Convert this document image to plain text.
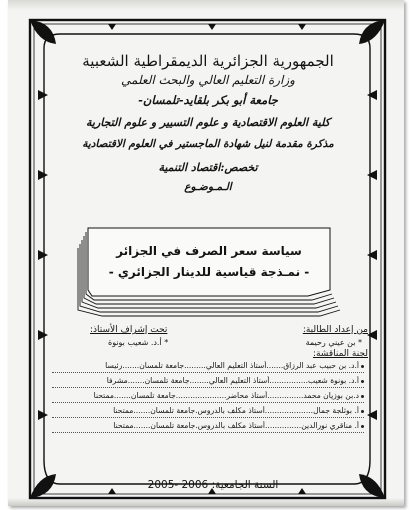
الجمهورية الجزائرية الديمقراطية الشعبية
وزارة التعليم العالي والبحث العلمي
جامعة أبو بكر بلقايد-تلمسان-
كلية العلوم الاقتصادية و علوم التسيير و علوم التجارية
مذكرة مقدمة لنيل شهادة الماجستير في العلوم الاقتصادية
تخصص:اقتصاد التنمية
الـمـوضـوع
سياسة سعر الصرف في الجزائر
- نمـذجة قياسية للدينار الجزائري -
من إعداد الطالبة:
تحت إشراف الأستاذ:
* بن عيني رحيمة
* أ.د. شعيب بونوة
لجنة المناقشة:
أ.د. بن حبيب عبد الرزاق.......أستاذ التعليم العالي.........جامعة تلمسان.......رئيسا
أ.د. بونوة شعيب................أستاذ التعليم العالي........جامعة تلمسان.......مشرفا
د.بن بوزيان محمد...............أستاذ محاضر.....................جامعة تلمسان.......ممتحنا
أ. بوثلجة جمال....................أستاذ مكلف بالدروس.جامعة تلمسان.......ممتحنا
أ. مناقري نورالدين...............أستاذ مكلف بالدروس.جامعة تلمسان.......ممتحنا
السنة الجامعية: 2005- 2006
